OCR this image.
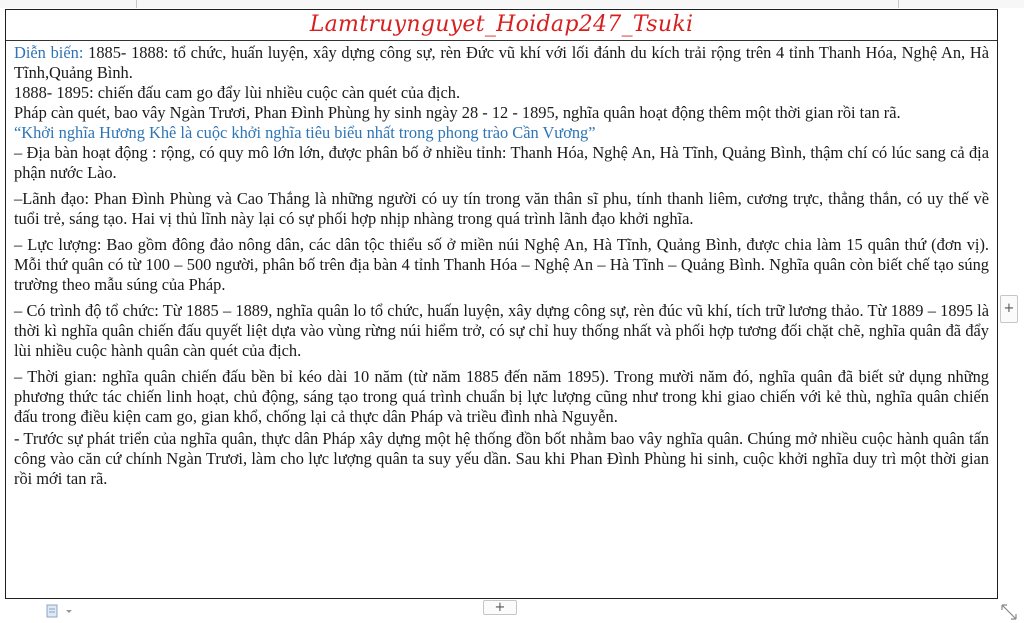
Lamtruynguyet_Hoidap247_Tsuki

Diễn biến: 1885- 1888: tổ chức, huấn luyện, xây dựng công sự, rèn Đức vũ khí với lối đánh du kích trải rộng trên 4 tỉnh Thanh Hóa, Nghệ An, Hà Tĩnh,Quảng Bình.

1888- 1895: chiến đấu cam go đẩy lùi nhiều cuộc càn quét của địch.

Pháp càn quét, bao vây Ngàn Trươi, Phan Đình Phùng hy sinh ngày 28 - 12 - 1895, nghĩa quân hoạt động thêm một thời gian rồi tan rã.

“Khởi nghĩa Hương Khê là cuộc khởi nghĩa tiêu biểu nhất trong phong trào Cần Vương”

– Địa bàn hoạt động : rộng, có quy mô lớn lớn, được phân bố ở nhiều tỉnh: Thanh Hóa, Nghệ An, Hà Tĩnh, Quảng Bình, thậm chí có lúc sang cả địa phận nước Lào.

–Lãnh đạo: Phan Đình Phùng và Cao Thắng là những người có uy tín trong văn thân sĩ phu, tính thanh liêm, cương trực, thẳng thắn, có uy thế về tuổi trẻ, sáng tạo. Hai vị thủ lĩnh này lại có sự phối hợp nhịp nhàng trong quá trình lãnh đạo khởi nghĩa.

– Lực lượng: Bao gồm đông đảo nông dân, các dân tộc thiểu số ở miền núi Nghệ An, Hà Tĩnh, Quảng Bình, được chia làm 15 quân thứ (đơn vị). Mỗi thứ quân có từ 100 – 500 người, phân bố trên địa bàn 4 tỉnh Thanh Hóa – Nghệ An – Hà Tĩnh – Quảng Bình. Nghĩa quân còn biết chế tạo súng trường theo mẫu súng của Pháp.

– Có trình độ tổ chức: Từ 1885 – 1889, nghĩa quân lo tổ chức, huấn luyện, xây dựng công sự, rèn đúc vũ khí, tích trữ lương thảo. Từ 1889 – 1895 là thời kì nghĩa quân chiến đấu quyết liệt dựa vào vùng rừng núi hiểm trở, có sự chỉ huy thống nhất và phối hợp tương đối chặt chẽ, nghĩa quân đã đẩy lùi nhiều cuộc hành quân càn quét của địch.

– Thời gian: nghĩa quân chiến đấu bền bỉ kéo dài 10 năm (từ năm 1885 đến năm 1895). Trong mười năm đó, nghĩa quân đã biết sử dụng những phương thức tác chiến linh hoạt, chủ động, sáng tạo trong quá trình chuẩn bị lực lượng cũng như trong khi giao chiến với kẻ thù, nghĩa quân chiến đấu trong điều kiện cam go, gian khổ, chống lại cả thực dân Pháp và triều đình nhà Nguyễn.

- Trước sự phát triển của nghĩa quân, thực dân Pháp xây dựng một hệ thống đồn bốt nhằm bao vây nghĩa quân. Chúng mở nhiều cuộc hành quân tấn công vào căn cứ chính Ngàn Trươi, làm cho lực lượng quân ta suy yếu dần. Sau khi Phan Đình Phùng hi sinh, cuộc khởi nghĩa duy trì một thời gian rồi mới tan rã.

+
+
